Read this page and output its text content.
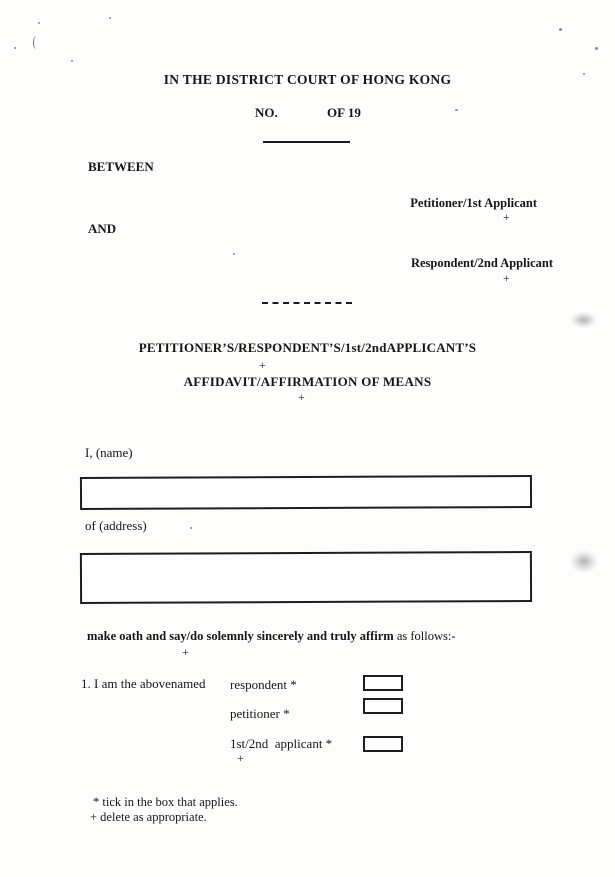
IN THE DISTRICT COURT OF HONG KONG
NO.	OF 19
BETWEEN
Petitioner/1st Applicant
+
AND
Respondent/2nd Applicant
+
PETITIONER’S/RESPONDENT’S/1st/2ndAPPLICANT’S
+
AFFIDAVIT/AFFIRMATION OF MEANS
+
I, (name)
of (address)
make oath and say/do solemnly sincerely and truly affirm as follows:-
+
1. I am the abovenamed respondent *
petitioner *
1st/2nd  applicant *
+
* tick in the box that applies.
+ delete as appropriate.
